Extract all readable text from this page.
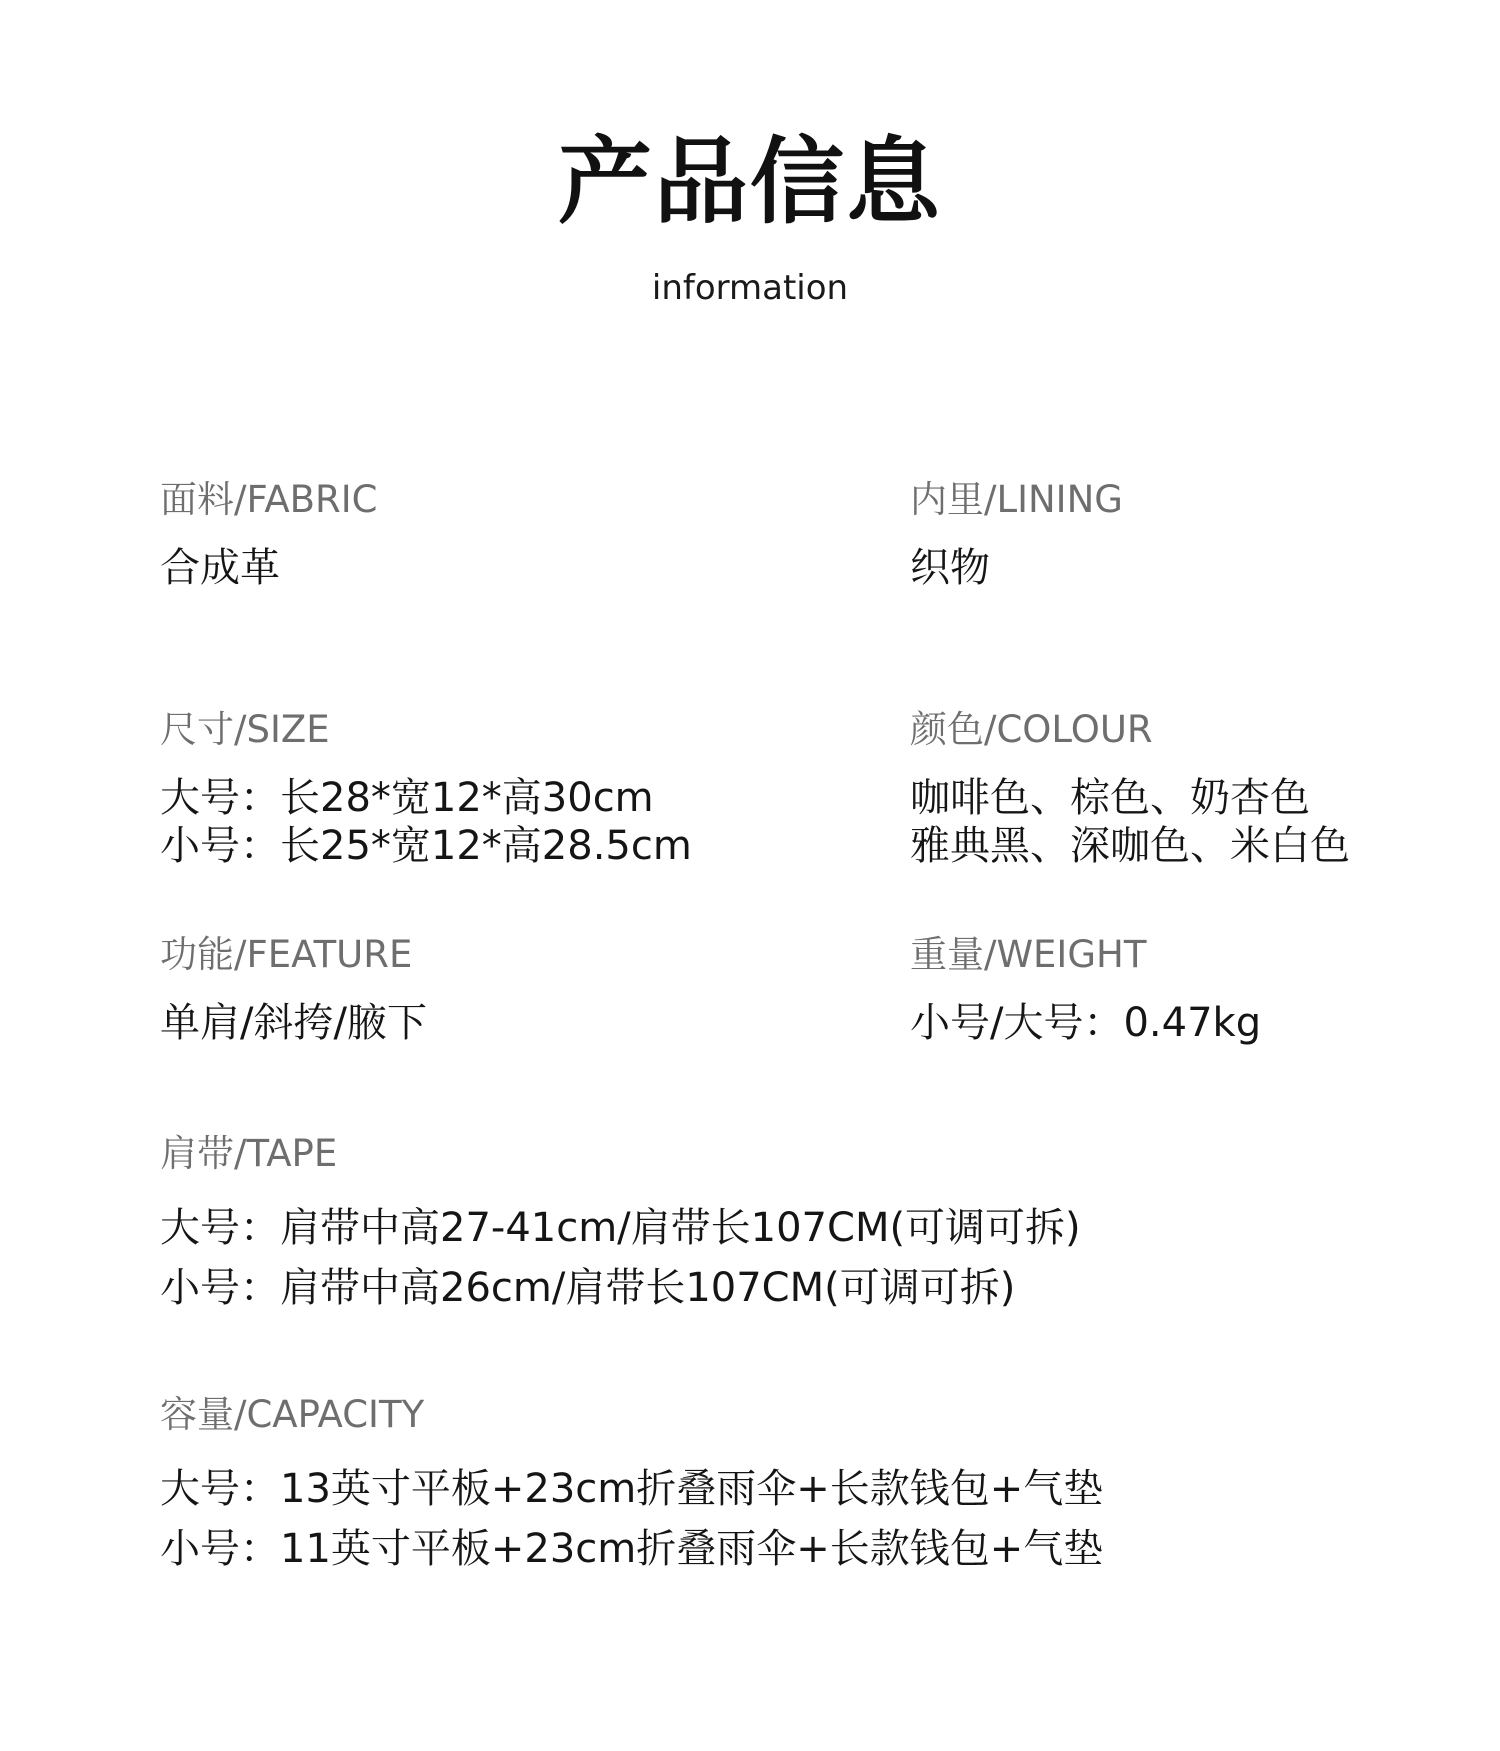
产品信息
information
面料/FABRIC
合成革
内里/LINING
织物
尺寸/SIZE
大号：长28*宽12*高30cm
小号：长25*宽12*高28.5cm
颜色/COLOUR
咖啡色、棕色、奶杏色
雅典黑、深咖色、米白色
功能/FEATURE
单肩/斜挎/腋下
重量/WEIGHT
小号/大号：0.47kg
肩带/TAPE
大号：肩带中高27-41cm/肩带长107CM(可调可拆)
小号：肩带中高26cm/肩带长107CM(可调可拆)
容量/CAPACITY
大号：13英寸平板+23cm折叠雨伞+长款钱包+气垫
小号：11英寸平板+23cm折叠雨伞+长款钱包+气垫
